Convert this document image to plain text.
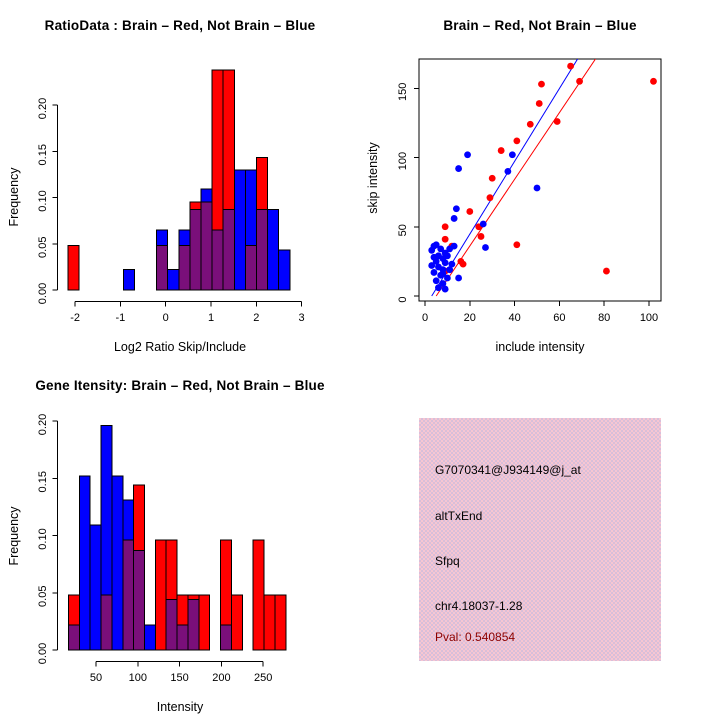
-2	-1	0	1	2	3
0.00
0.05
0.10
0.15
0.20
RatioData : Brain – Red, Not Brain – Blue
Log2 Ratio Skip/Include
Frequency
0	20	40	60	80	100
0
50
100
150
Brain – Red, Not Brain – Blue
include intensity
skip intensity
50 100 150 200 250
0.00
0.05
0.10
0.15
0.20
Gene Itensity: Brain – Red, Not Brain – Blue
Intensity
Frequency
G7070341@J934149@j_at
altTxEnd
Sfpq
chr4.18037-1.28
Pval: 0.540854
